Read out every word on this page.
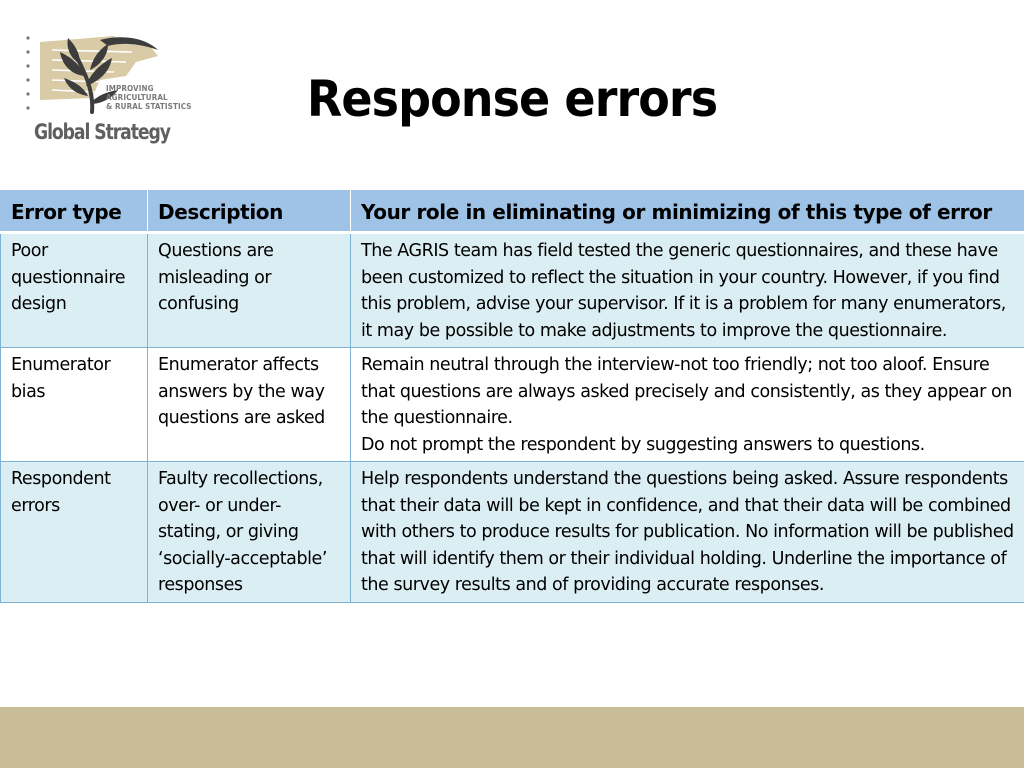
IMPROVING
AGRICULTURAL
& RURAL STATISTICS
Global Strategy
Response errors
Error type	Description	Your role in eliminating or minimizing of this type of error
Poor questionnaire design	Questions are misleading or confusing	The AGRIS team has field tested the generic questionnaires, and these have been customized to reflect the situation in your country. However, if you find this problem, advise your supervisor. If it is a problem for many enumerators, it may be possible to make adjustments to improve the questionnaire.
Enumerator bias	Enumerator affects answers by the way questions are asked	Remain neutral through the interview-not too friendly; not too aloof. Ensure that questions are always asked precisely and consistently, as they appear on the questionnaire.
Do not prompt the respondent by suggesting answers to questions.
Respondent errors	Faulty recollections, over- or under-stating, or giving ‘socially-acceptable’ responses	Help respondents understand the questions being asked. Assure respondents that their data will be kept in confidence, and that their data will be combined with others to produce results for publication. No information will be published that will identify them or their individual holding. Underline the importance of the survey results and of providing accurate responses.
